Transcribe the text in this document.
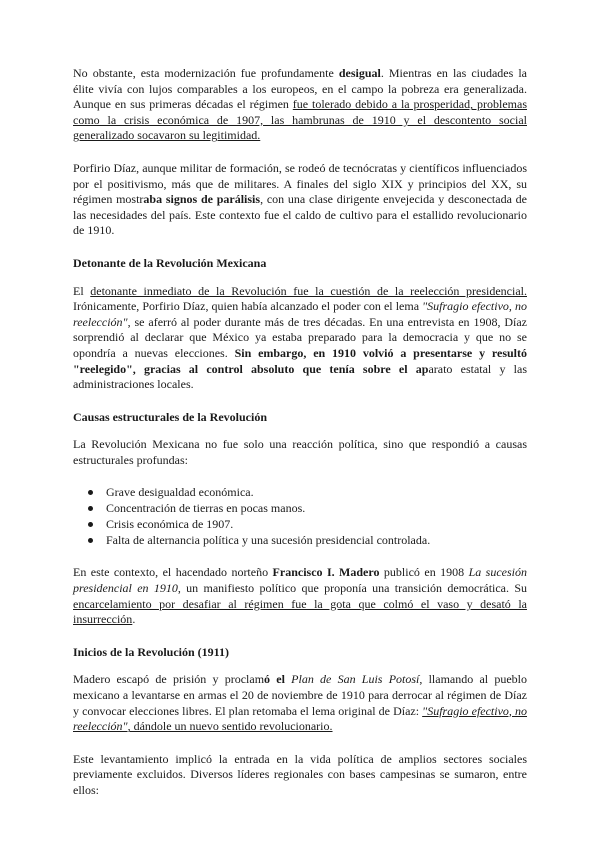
No obstante, esta modernización fue profundamente desigual. Mientras en las ciudades la élite vivía con lujos comparables a los europeos, en el campo la pobreza era generalizada. Aunque en sus primeras décadas el régimen fue tolerado debido a la prosperidad, problemas como la crisis económica de 1907, las hambrunas de 1910 y el descontento social generalizado socavaron su legitimidad.

Porfirio Díaz, aunque militar de formación, se rodeó de tecnócratas y científicos influenciados por el positivismo, más que de militares. A finales del siglo XIX y principios del XX, su régimen mostraba signos de parálisis, con una clase dirigente envejecida y desconectada de las necesidades del país. Este contexto fue el caldo de cultivo para el estallido revolucionario de 1910.

Detonante de la Revolución Mexicana

El detonante inmediato de la Revolución fue la cuestión de la reelección presidencial. Irónicamente, Porfirio Díaz, quien había alcanzado el poder con el lema "Sufragio efectivo, no reelección", se aferró al poder durante más de tres décadas. En una entrevista en 1908, Díaz sorprendió al declarar que México ya estaba preparado para la democracia y que no se opondría a nuevas elecciones. Sin embargo, en 1910 volvió a presentarse y resultó "reelegido", gracias al control absoluto que tenía sobre el aparato estatal y las administraciones locales.

Causas estructurales de la Revolución

La Revolución Mexicana no fue solo una reacción política, sino que respondió a causas estructurales profundas:

Grave desigualdad económica.
Concentración de tierras en pocas manos.
Crisis económica de 1907.
Falta de alternancia política y una sucesión presidencial controlada.

En este contexto, el hacendado norteño Francisco I. Madero publicó en 1908 La sucesión presidencial en 1910, un manifiesto político que proponía una transición democrática. Su encarcelamiento por desafiar al régimen fue la gota que colmó el vaso y desató la insurrección.

Inicios de la Revolución (1911)

Madero escapó de prisión y proclamó el Plan de San Luis Potosí, llamando al pueblo mexicano a levantarse en armas el 20 de noviembre de 1910 para derrocar al régimen de Díaz y convocar elecciones libres. El plan retomaba el lema original de Díaz: "Sufragio efectivo, no reelección", dándole un nuevo sentido revolucionario.

Este levantamiento implicó la entrada en la vida política de amplios sectores sociales previamente excluidos. Diversos líderes regionales con bases campesinas se sumaron, entre ellos:
